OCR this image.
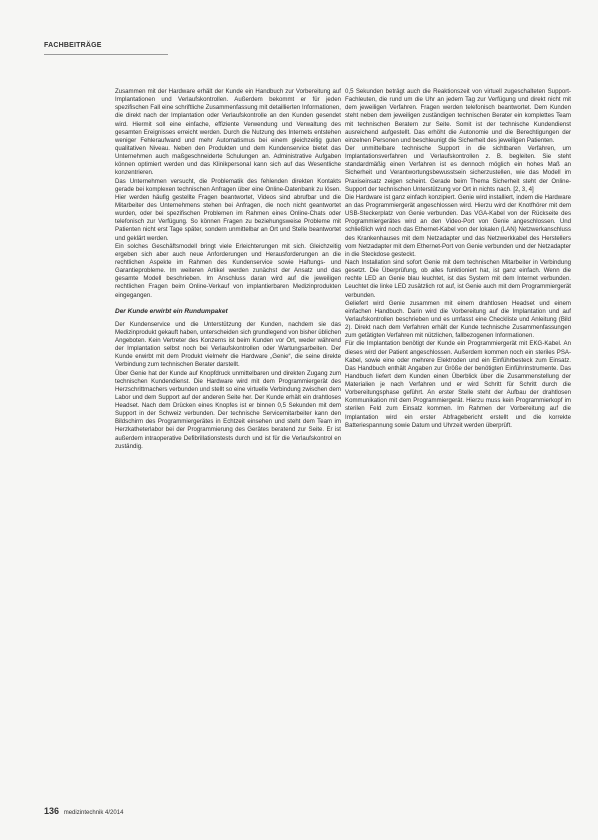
FACHBEITRÄGE

Zusammen mit der Hardware erhält der Kunde ein Handbuch zur Vorbereitung auf Implantationen und Verlaufskontrollen. Außerdem bekommt er für jeden spezifischen Fall eine schriftliche Zusammenfassung mit detaillierten Informationen, die direkt nach der Implantation oder Verlaufskontrolle an den Kunden gesendet wird. Hiermit soll eine einfache, effiziente Verwendung und Verwaltung des gesamten Ereignisses erreicht werden. Durch die Nutzung des Internets entstehen weniger Fehleraufwand und mehr Automatismus bei einem gleichzeitig guten qualitativen Niveau. Neben den Produkten und dem Kundenservice bietet das Unternehmen auch maßgeschneiderte Schulungen an. Administrative Aufgaben können optimiert werden und das Klinikpersonal kann sich auf das Wesentliche konzentrieren.

Das Unternehmen versucht, die Problematik des fehlenden direkten Kontakts gerade bei komplexen technischen Anfragen über eine Online-Datenbank zu lösen. Hier werden häufig gestellte Fragen beantwortet, Videos sind abrufbar und die Mitarbeiter des Unternehmens stehen bei Anfragen, die noch nicht geantwortet wurden, oder bei spezifischen Problemen im Rahmen eines Online-Chats oder telefonisch zur Verfügung. So können Fragen zu beziehungsweise Probleme mit Patienten nicht erst Tage später, sondern unmittelbar an Ort und Stelle beantwortet und geklärt werden.

Ein solches Geschäftsmodell bringt viele Erleichterungen mit sich. Gleichzeitig ergeben sich aber auch neue Anforderungen und Herausforderungen an die rechtlichen Aspekte im Rahmen des Kundenservice sowie Haftungs- und Garantieprobleme. Im weiteren Artikel werden zunächst der Ansatz und das gesamte Modell beschrieben. Im Anschluss daran wird auf die jeweiligen rechtlichen Fragen beim Online-Verkauf von implantierbaren Medizinprodukten eingegangen.

Der Kunde erwirbt ein Rundumpaket

Der Kundenservice und die Unterstützung der Kunden, nachdem sie das Medizinprodukt gekauft haben, unterscheiden sich grundlegend von bisher üblichen Angeboten. Kein Vertreter des Konzerns ist beim Kunden vor Ort, weder während der Implantation selbst noch bei Verlaufskontrollen oder Wartungsarbeiten. Der Kunde erwirbt mit dem Produkt vielmehr die Hardware „Genie“, die seine direkte Verbindung zum technischen Berater darstellt.

Über Genie hat der Kunde auf Knopfdruck unmittelbaren und direkten Zugang zum technischen Kundendienst. Die Hardware wird mit dem Programmiergerät des Herzschrittmachers verbunden und stellt so eine virtuelle Verbindung zwischen dem Labor und dem Support auf der anderen Seite her. Der Kunde erhält ein drahtloses Headset. Nach dem Drücken eines Knopfes ist er binnen 0,5 Sekunden mit dem Support in der Schweiz verbunden. Der technische Servicemitarbeiter kann den Bildschirm des Programmiergerätes in Echtzeit einsehen und steht dem Team im Herzkatheterlabor bei der Programmierung des Gerätes beratend zur Seite. Er ist außerdem intraoperative Defibrillationstests durch und ist für die Verlaufskontrol en zuständig.

0,5 Sekunden beträgt auch die Reaktionszeit von virtuell zugeschalteten Support-Fachleuten, die rund um die Uhr an jedem Tag zur Verfügung und direkt nicht mit dem jeweiligen Verfahren. Fragen werden telefonisch beantwortet. Dem Kunden steht neben dem jeweiligen zuständigen technischen Berater ein komplettes Team mit technischen Beratern zur Seite. Somit ist der technische Kundendienst ausreichend aufgestellt. Das erhöht die Autonomie und die Berechtigungen der einzelnen Personen und beschleunigt die Sicherheit des jeweiligen Patienten.

Der unmittelbare technische Support in die sichtbaren Verfahren, um Implantationsverfahren und Verlaufskontrollen z. B. begleiten. Sie steht standardmäßig einen Verfahren ist es dennoch möglich ein hohes Maß an Sicherheit und Verantwortungsbewusstsein sicherzustellen, wie das Modell im Praxiseinsatz zeigen scheint. Gerade beim Thema Sicherheit steht der Online-Support der technischen Unterstützung vor Ort in nichts nach. [2, 3, 4]

Die Hardware ist ganz einfach konzipiert. Genie wird installiert, indem die Hardware an das Programmiergerät angeschlossen wird. Hierzu wird der Knotfhörer mit dem USB-Steckerplatz von Genie verbunden. Das VGA-Kabel von der Rückseite des Programmiergerätes wird an den Video-Port von Genie angeschlossen. Und schließlich wird noch das Ethernet-Kabel von der lokalen (LAN) Netzwerkanschluss des Krankenhauses mit dem Netzadapter und das Netzwerkkabel des Herstellers vom Netzadapter mit dem Ethernet-Port von Genie verbunden und der Netzadapter in die Steckdose gesteckt.

Nach Installation sind sofort Genie mit dem technischen Mitarbeiter in Verbindung gesetzt. Die Überprüfung, ob alles funktioniert hat, ist ganz einfach. Wenn die rechte LED an Genie blau leuchtet, ist das System mit dem Internet verbunden. Leuchtet die linke LED zusätzlich rot auf, ist Genie auch mit dem Programmiergerät verbunden.

Geliefert wird Genie zusammen mit einem drahtlosen Headset und einem einfachen Handbuch. Darin wird die Vorbereitung auf die Implantation und auf Verlaufskontrollen beschrieben und es umfasst eine Checkliste und Anleitung (Bild 2). Direkt nach dem Verfahren erhält der Kunde technische Zusammenfassungen zum getätigten Verfahren mit nützlichen, fallbezogenen Informationen.

Für die Implantation benötigt der Kunde ein Programmiergerät mit EKG-Kabel. An dieses wird der Patient angeschlossen. Außerdem kommen noch ein steriles PSA-Kabel, sowie eine oder mehrere Elektroden und ein Einführbesteck zum Einsatz. Das Handbuch enthält Angaben zur Größe der benötigten Einführinstrumente. Das Handbuch liefert dem Kunden einen Überblick über die Zusammenstellung der Materialien je nach Verfahren und er wird Schritt für Schritt durch die Vorbereitungsphase geführt. An erster Stelle steht der Aufbau der drahtlosen Kommunikation mit dem Programmiergerät. Hierzu muss kein Programmierkopf im sterilen Feld zum Einsatz kommen. Im Rahmen der Vorbereitung auf die Implantation wird ein erster Abfragebericht erstellt und die korrekte Batteriespannung sowie Datum und Uhrzeit werden überprüft.

136 medizintechnik 4/2014
